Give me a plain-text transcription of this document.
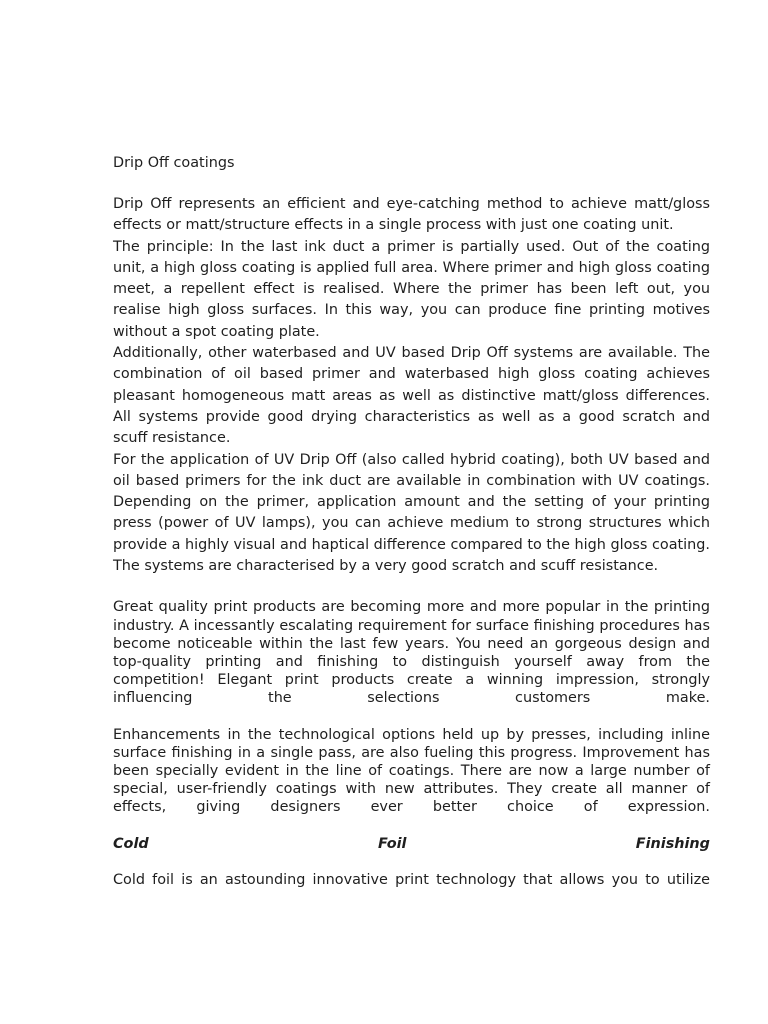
Drip Off coatings

Drip Off represents an efficient and eye-catching method to achieve matt/gloss effects or matt/structure effects in a single process with just one coating unit.

The principle: In the last ink duct a primer is partially used. Out of the coating unit, a high gloss coating is applied full area. Where primer and high gloss coating meet, a repellent effect is realised. Where the primer has been left out, you realise high gloss surfaces. In this way, you can produce fine printing motives without a spot coating plate.

Additionally, other waterbased and UV based Drip Off systems are available. The combination of oil based primer and waterbased high gloss coating achieves pleasant homogeneous matt areas as well as distinctive matt/gloss differences. All systems provide good drying characteristics as well as a good scratch and scuff resistance.

For the application of UV Drip Off (also called hybrid coating), both UV based and oil based primers for the ink duct are available in combination with UV coatings. Depending on the primer, application amount and the setting of your printing press (power of UV lamps), you can achieve medium to strong structures which provide a highly visual and haptical difference compared to the high gloss coating. The systems are characterised by a very good scratch and scuff resistance.

Great quality print products are becoming more and more popular in the printing industry. A incessantly escalating requirement for surface finishing procedures has become noticeable within the last few years. You need an gorgeous design and top-quality printing and finishing to distinguish yourself away from the competition! Elegant print products create a winning impression, strongly influencing the selections customers make.

Enhancements in the technological options held up by presses, including inline surface finishing in a single pass, are also fueling this progress. Improvement has been specially evident in the line of coatings. There are now a large number of special, user-friendly coatings with new attributes. They create all manner of effects, giving designers ever better choice of expression.

Cold	Foil	Finishing

Cold foil is an astounding innovative print technology that allows you to utilize
